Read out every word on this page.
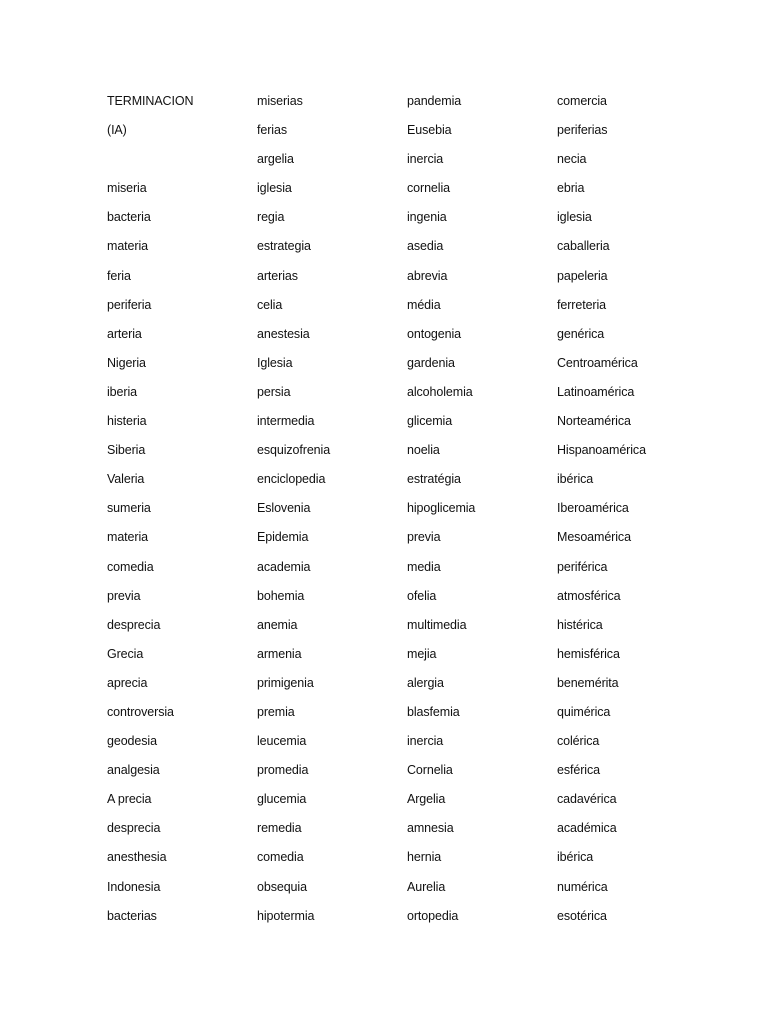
TERMINACION
(IA)
miseria
bacteria
materia
feria
periferia
arteria
Nigeria
iberia
histeria
Siberia
Valeria
sumeria
materia
comedia
previa
desprecia
Grecia
aprecia
controversia
geodesia
analgesia
A precia
desprecia
anesthesia
Indonesia
bacterias
miserias
ferias
argelia
iglesia
regia
estrategia
arterias
celia
anestesia
Iglesia
persia
intermedia
esquizofrenia
enciclopedia
Eslovenia
Epidemia
academia
bohemia
anemia
armenia
primigenia
premia
leucemia
promedia
glucemia
remedia
comedia
obsequia
hipotermia
pandemia
Eusebia
inercia
cornelia
ingenia
asedia
abrevia
média
ontogenia
gardenia
alcoholemia
glicemia
noelia
estratégia
hipoglicemia
previa
media
ofelia
multimedia
mejia
alergia
blasfemia
inercia
Cornelia
Argelia
amnesia
hernia
Aurelia
ortopedia
comercia
periferias
necia
ebria
iglesia
caballeria
papeleria
ferreteria
genérica
Centroamérica
Latinoamérica
Norteamérica
Hispanoamérica
ibérica
Iberoamérica
Mesoamérica
periférica
atmosférica
histérica
hemisférica
benemérita
quimérica
colérica
esférica
cadavérica
académica
ibérica
numérica
esotérica
